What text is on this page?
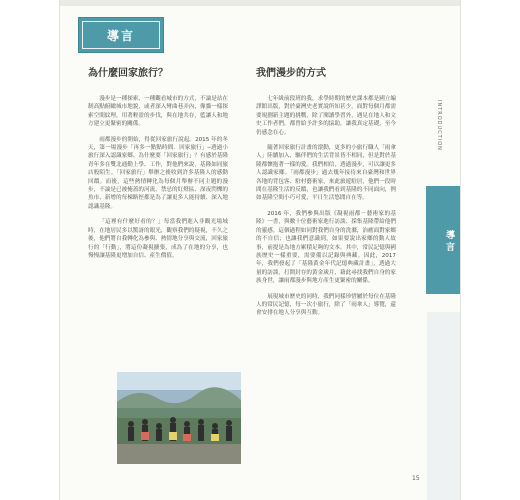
導言
為什麼回家旅行？

漫步是一種探索、一種觀看城市的方式，不論是站在制高點俯瞰城市地貌，或者深入彎曲巷弄內，像貓一樣探索空間紋理，用著輕盈的步伐，與在地共存，藍讓人和地方建立更緊密的關係。

雨都漫步的開始，得從回家旅行說起。2015 年的冬天，第一場漫步「再多一點點時間．回家旅行」─透過小旅行深入認識家鄉。為什麼要「回家旅行」？有感於基隆青年多在雙北通勤上學、工作，對他們來說，基隆如同旅店般陌生。「回家旅行」舉辦之後收到許多基隆人的感動回饋。而後，這些熱情轉化為每個月舉辦不同主題的漫步，不論是已被掩蓋的河流、禁忌的紅燈區、深夜閃爍的魚市、新增的每棟路徑都是為了讓更多人能持續、深入地認識基隆。

「這裡有什麼好看的？」每當我們進入非觀光場域時，在地居民多以驚訝的眼光，觀察我們的疑視，不久之後，他們將自我轉化為參與、熱情地分享與交流，回家旅行的「行動」，將這份凝視擴張，成為了在地的分享，也慢慢讓基隆更增加自信、產生價值。

我們漫步的方式

七年級前段班的我，求學時期的歷史課本都是國立編譯館出版，對於臺灣史老實說所知甚少。面對每個月都需要規劃新主題的挑戰，除了閱讀學習外，遇見在地人和文史工作者們，都曾給予許多的協助，讓我真定基礎，至今仍感念在心。

隨著回家旅行計畫的滾動，更多的小旅行職人「雨傘人」陸續加入，驅伴們的生活背景皆不相同，但是對於基隆都懷抱著一樣的愛。我們相信，透過漫步，可以讓更多人認識家鄉。「雨都漫步」過去幾年接待來自臺灣和世界各地的背包客、駐村藝術家，來此旅遊駐居，他們一段時間在基隆生活的反饋，也讓我們看到基隆的不同面向，例如基隆空間小巧可愛，平日生活悠閒自在等。

2016 年，我們參與出版《凝視雨都－藝術家的基隆》一書，與數十位藝術家進行訪談、採集基隆帶給他們的靈感。這個過程如同對我們自身的洗滌，治癒面對家鄉的不自信；也讓我們意識到，如果要說出家鄉的動人故事，前提是為地方累積足夠的文本。其中，常民記憶與國族歷史一樣重要，需要備以記錄與典藏。因此，2017 年，我們發起了「基隆黃金年代記憶典藏計畫」，透過大量的訪談，打開封存的黃金歲月，藉此尋找我們自身的家族身世，讓雨都漫步與地方產生更緊密的關係。

展現城市歷史的同時，我們同樣珍惜屬於每位在基隆人的常民記憶，每一次小旅行，除了「雨傘人」導覽，還會安排在地人分享與互動。

INTRODUCTION
導言
15
